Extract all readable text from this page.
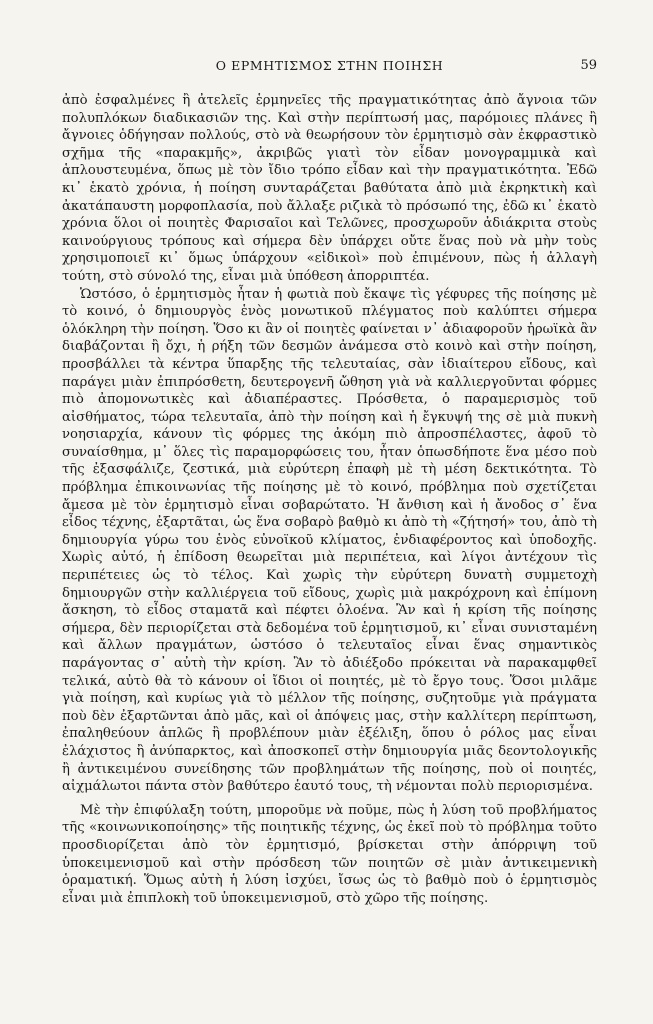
Ο ΕΡΜΗΤΙΣΜΟΣ ΣΤΗΝ ΠΟΙΗΣΗ	59

ἀπὸ ἐσφαλμένες ἢ ἀτελεῖς ἑρμηνεῖες τῆς πραγματικότητας ἀπὸ ἄγνοια τῶν πολυπλόκων διαδικασιῶν της. Καὶ στὴν περίπτωσή μας, παρόμοιες πλάνες ἢ ἄγνοιες ὁδήγησαν πολλούς, στὸ νὰ θεωρήσουν τὸν ἑρμητισμὸ σὰν ἐκφραστικὸ σχῆμα τῆς «παρακμῆς», ἀκριβῶς γιατὶ τὸν εἶδαν μονογραμμικὰ καὶ ἁπλουστευμένα, ὅπως μὲ τὸν ἴδιο τρόπο εἶδαν καὶ τὴν πραγματικότητα. Ἐδῶ κι᾽ ἑκατὸ χρόνια, ἡ ποίηση συνταράζεται βαθύτατα ἀπὸ μιὰ ἐκρηκτικὴ καὶ ἀκατάπαυστη μορφοπλασία, ποὺ ἄλλαξε ριζικὰ τὸ πρόσωπό της, ἐδῶ κι᾽ ἑκατὸ χρόνια ὅλοι οἱ ποιητὲς Φαρισαῖοι καὶ Τελῶνες, προσχωροῦν ἀδιάκριτα στοὺς καινούργιους τρόπους καὶ σήμερα δὲν ὑπάρχει οὔτε ἕνας ποὺ νὰ μὴν τοὺς χρησιμοποιεῖ κι᾽ ὅμως ὑπάρχουν «εἰδικοὶ» ποὺ ἐπιμένουν, πὼς ἡ ἀλλαγὴ τούτη, στὸ σύνολό της, εἶναι μιὰ ὑπόθεση ἀπορριπτέα.

Ὡστόσο, ὁ ἑρμητισμὸς ἦταν ἡ φωτιὰ ποὺ ἔκαψε τὶς γέφυρες τῆς ποίησης μὲ τὸ κοινό, ὁ δημιουργὸς ἑνὸς μονωτικοῦ πλέγματος ποὺ καλύπτει σήμερα ὁλόκληρη τὴν ποίηση. Ὅσο κι ἂν οἱ ποιητὲς φαίνεται ν᾽ ἀδιαφοροῦν ἡρωϊκὰ ἂν διαβάζονται ἢ ὄχι, ἡ ρήξη τῶν δεσμῶν ἀνάμεσα στὸ κοινὸ καὶ στὴν ποίηση, προσβάλλει τὰ κέντρα ὕπαρξης τῆς τελευταίας, σὰν ἰδιαίτερου εἴδους, καὶ παράγει μιὰν ἐπιπρόσθετη, δευτερογενῆ ὤθηση γιὰ νὰ καλλιεργοῦνται φόρμες πιὸ ἀπομονωτικὲς καὶ ἀδιαπέραστες. Πρόσθετα, ὁ παραμερισμὸς τοῦ αἰσθήματος, τώρα τελευταῖα, ἀπὸ τὴν ποίηση καὶ ἡ ἔγκυψή της σὲ μιὰ πυκνὴ νοησιαρχία, κάνουν τὶς φόρμες της ἀκόμη πιὸ ἀπροσπέλαστες, ἀφοῦ τὸ συναίσθημα, μ᾽ ὅλες τὶς παραμορφώσεις του, ἦταν ὁπωσδήποτε ἕνα μέσο ποὺ τῆς ἐξασφάλιζε, ζεστικά, μιὰ εὐρύτερη ἐπαφὴ μὲ τὴ μέση δεκτικότητα. Τὸ πρόβλημα ἐπικοινωνίας τῆς ποίησης μὲ τὸ κοινό, πρόβλημα ποὺ σχετίζεται ἄμεσα μὲ τὸν ἑρμητισμὸ εἶναι σοβαρώτατο. Ἡ ἄνθιση καὶ ἡ ἄνοδος σ᾽ ἕνα εἶδος τέχνης, ἐξαρτᾶται, ὡς ἕνα σοβαρὸ βαθμὸ κι ἀπὸ τὴ «ζήτησή» του, ἀπὸ τὴ δημιουργία γύρω του ἑνὸς εὐνοϊκοῦ κλίματος, ἐνδιαφέροντος καὶ ὑποδοχῆς. Χωρὶς αὐτό, ἡ ἐπίδοση θεωρεῖται μιὰ περιπέτεια, καὶ λίγοι ἀντέχουν τὶς περιπέτειες ὡς τὸ τέλος. Καὶ χωρὶς τὴν εὐρύτερη δυνατὴ συμμετοχὴ δημιουργῶν στὴν καλλιέργεια τοῦ εἴδους, χωρὶς μιὰ μακρόχρονη καὶ ἐπίμονη ἄσκηση, τὸ εἶδος σταματᾶ καὶ πέφτει ὁλοένα. Ἂν καὶ ἡ κρίση τῆς ποίησης σήμερα, δὲν περιορίζεται στὰ δεδομένα τοῦ ἑρμητισμοῦ, κι᾽ εἶναι συνισταμένη καὶ ἄλλων πραγμάτων, ὡστόσο ὁ τελευταῖος εἶναι ἕνας σημαντικὸς παράγοντας σ᾽ αὐτὴ τὴν κρίση. Ἂν τὸ ἀδιέξοδο πρόκειται νὰ παρακαμφθεῖ τελικά, αὐτὸ θὰ τὸ κάνουν οἱ ἴδιοι οἱ ποιητές, μὲ τὸ ἔργο τους. Ὅσοι μιλᾶμε γιὰ ποίηση, καὶ κυρίως γιὰ τὸ μέλλον τῆς ποίησης, συζητοῦμε γιὰ πράγματα ποὺ δὲν ἐξαρτῶνται ἀπὸ μᾶς, καὶ οἱ ἀπόψεις μας, στὴν καλλίτερη περίπτωση, ἐπαληθεύουν ἁπλῶς ἢ προβλέπουν μιὰν ἐξέλιξη, ὅπου ὁ ρόλος μας εἶναι ἐλάχιστος ἢ ἀνύπαρκτος, καὶ ἀποσκοπεῖ στὴν δημιουργία μιᾶς δεοντολογικῆς ἢ ἀντικειμένου συνείδησης τῶν προβλημάτων τῆς ποίησης, ποὺ οἱ ποιητές, αἰχμάλωτοι πάντα στὸν βαθύτερο ἑαυτό τους, τὴ νέμονται πολὺ περιορισμένα.

Μὲ τὴν ἐπιφύλαξη τούτη, μποροῦμε νὰ ποῦμε, πὼς ἡ λύση τοῦ προβλήματος τῆς «κοινωνικοποίησης» τῆς ποιητικῆς τέχνης, ὡς ἐκεῖ ποὺ τὸ πρόβλημα τοῦτο προσδιορίζεται ἀπὸ τὸν ἑρμητισμό, βρίσκεται στὴν ἀπόρριψη τοῦ ὑποκειμενισμοῦ καὶ στὴν πρόσδεση τῶν ποιητῶν σὲ μιὰν ἀντικειμενικὴ ὁραματική. Ὅμως αὐτὴ ἡ λύση ἰσχύει, ἴσως ὡς τὸ βαθμὸ ποὺ ὁ ἑρμητισμὸς εἶναι μιὰ ἐπιπλοκὴ τοῦ ὑποκειμενισμοῦ, στὸ χῶρο τῆς ποίησης.
